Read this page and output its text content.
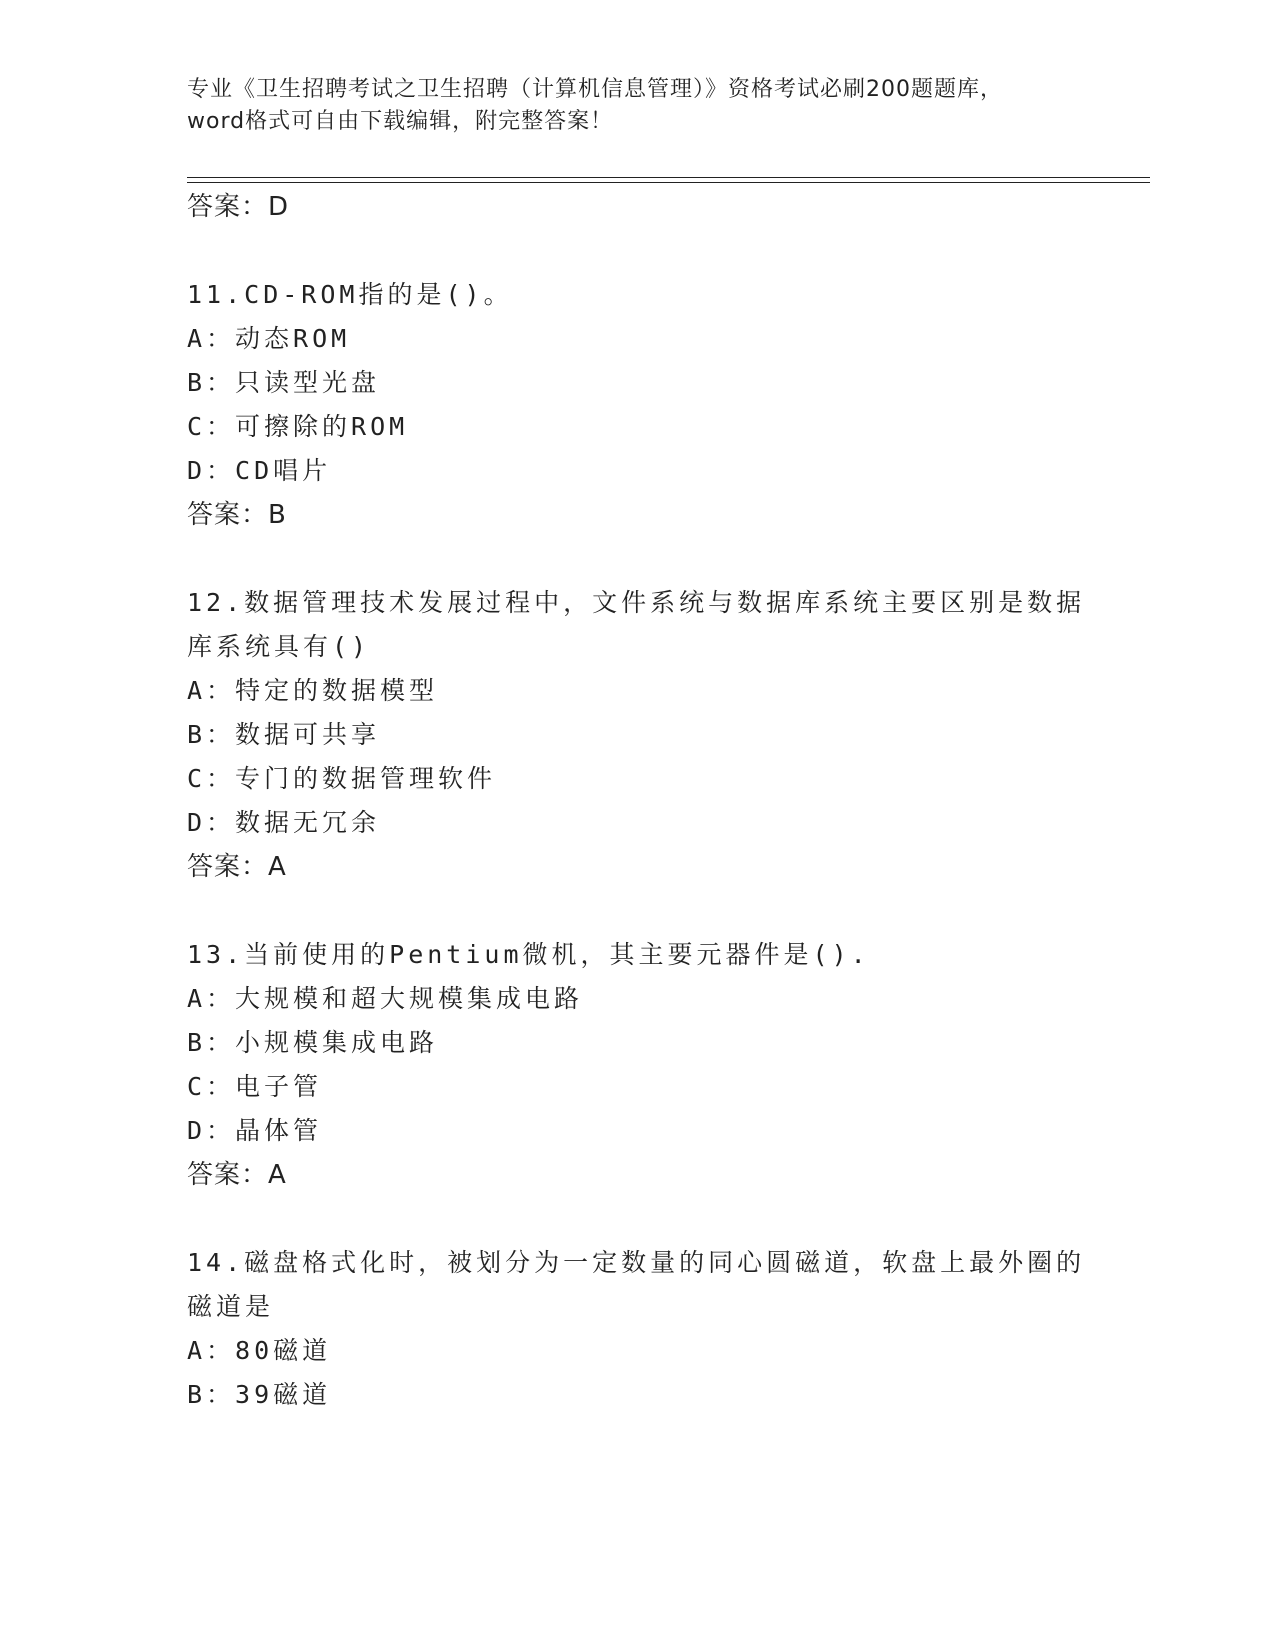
专业《卫生招聘考试之卫生招聘（计算机信息管理）》资格考试必刷200题题库，
word格式可自由下载编辑，附完整答案！
答案：D
11.CD-ROM指的是()。
A：动态ROM
B：只读型光盘
C：可擦除的ROM
D：CD唱片
答案：B
12.数据管理技术发展过程中，文件系统与数据库系统主要区别是数据
库系统具有()
A：特定的数据模型
B：数据可共享
C：专门的数据管理软件
D：数据无冗余
答案：A
13.当前使用的Pentium微机，其主要元器件是().
A：大规模和超大规模集成电路
B：小规模集成电路
C：电子管
D：晶体管
答案：A
14.磁盘格式化时，被划分为一定数量的同心圆磁道，软盘上最外圈的
磁道是
A：80磁道
B：39磁道
